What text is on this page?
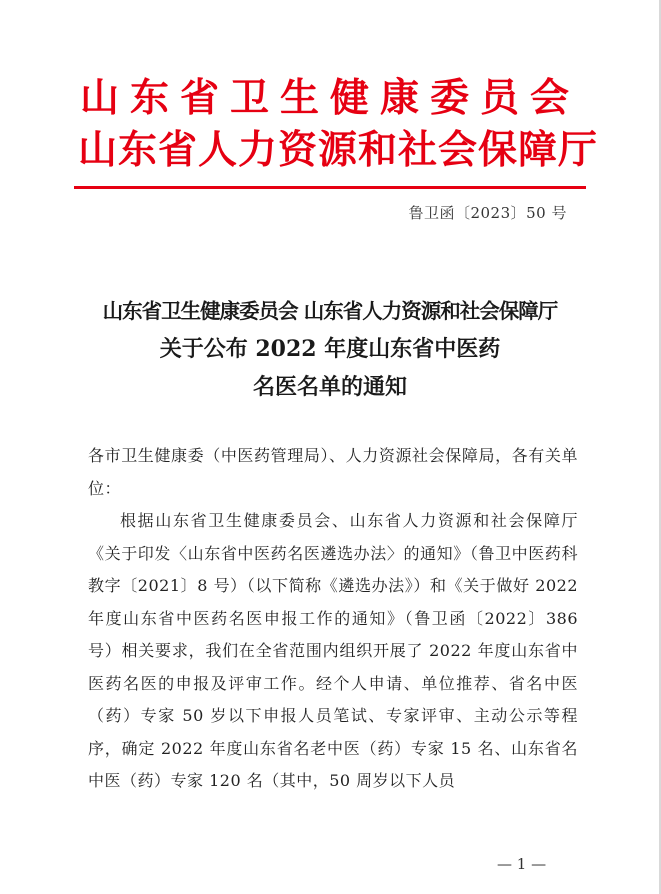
山东省卫生健康委员会
山东省人力资源和社会保障厅
鲁卫函〔2023〕50 号
山东省卫生健康委员会 山东省人力资源和社会保障厅
关于公布 2022 年度山东省中医药
名医名单的通知

各市卫生健康委（中医药管理局）、人力资源社会保障局，各有关单位：

根据山东省卫生健康委员会、山东省人力资源和社会保障厅《关于印发〈山东省中医药名医遴选办法〉的通知》（鲁卫中医药科教字〔2021〕8 号）（以下简称《遴选办法》）和《关于做好 2022 年度山东省中医药名医申报工作的通知》（鲁卫函〔2022〕386 号）相关要求，我们在全省范围内组织开展了 2022 年度山东省中医药名医的申报及评审工作。经个人申请、单位推荐、省名中医（药）专家 50 岁以下申报人员笔试、专家评审、主动公示等程序，确定 2022 年度山东省名老中医（药）专家 15 名、山东省名中医（药）专家 120 名（其中，50 周岁以下人员

— 1 —
